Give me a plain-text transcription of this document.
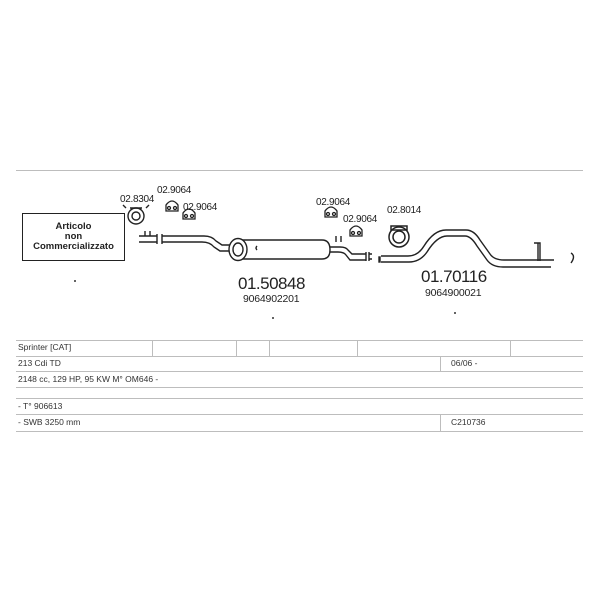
Articolo
non
Commercializzato
02.8304
02.9064
02.9064	02.9064
02.9064
02.8014
01.50848
9064902201
01.70116
9064900021
Sprinter [CAT]
213 Cdi TD	06/06 -
2148 cc, 129 HP, 95 KW M° OM646 -
- T° 906613
- SWB 3250 mm	C210736
